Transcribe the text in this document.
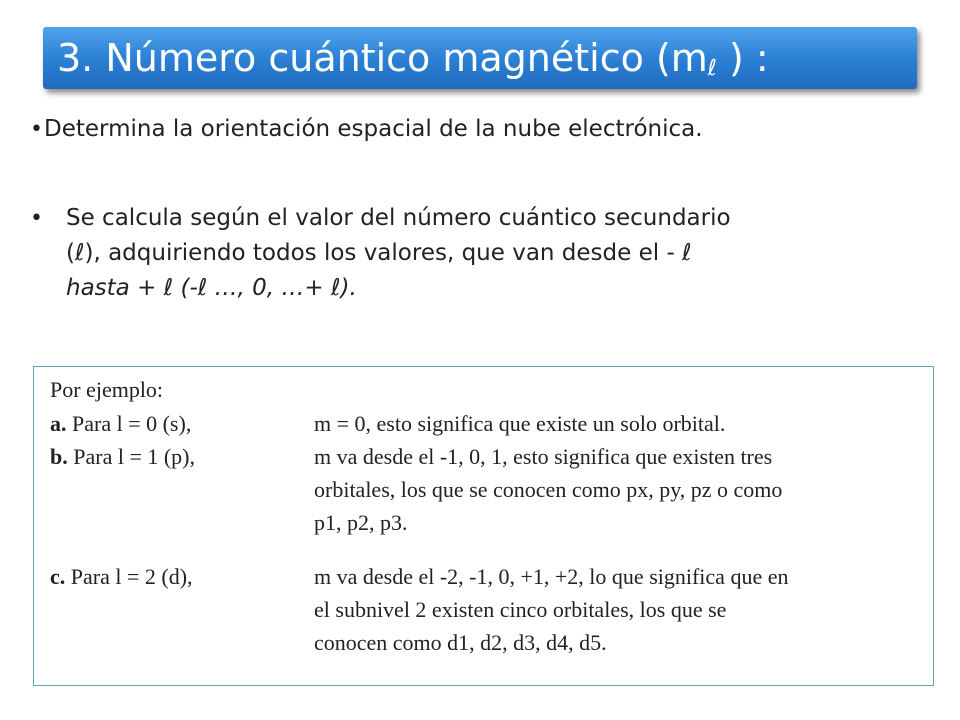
3. Número cuántico magnético ($m_\ell$ ) :
• Determina la orientación espacial de la nube electrónica.
•	Se calcula según el valor del número cuántico secundario
(ℓ), adquiriendo todos los valores, que van desde el - ℓ
hasta + ℓ (-ℓ …, 0, …+ ℓ).
Por ejemplo:
a. Para l = 0 (s),	m = 0, esto significa que existe un solo orbital.
b. Para l = 1 (p),	m va desde el -1, 0, 1, esto significa que existen tres
orbitales, los que se conocen como px, py, pz o como
p1, p2, p3.
c. Para l = 2 (d),	m va desde el -2, -1, 0, +1, +2, lo que significa que en
el subnivel 2 existen cinco orbitales, los que se
conocen como d1, d2, d3, d4, d5.
